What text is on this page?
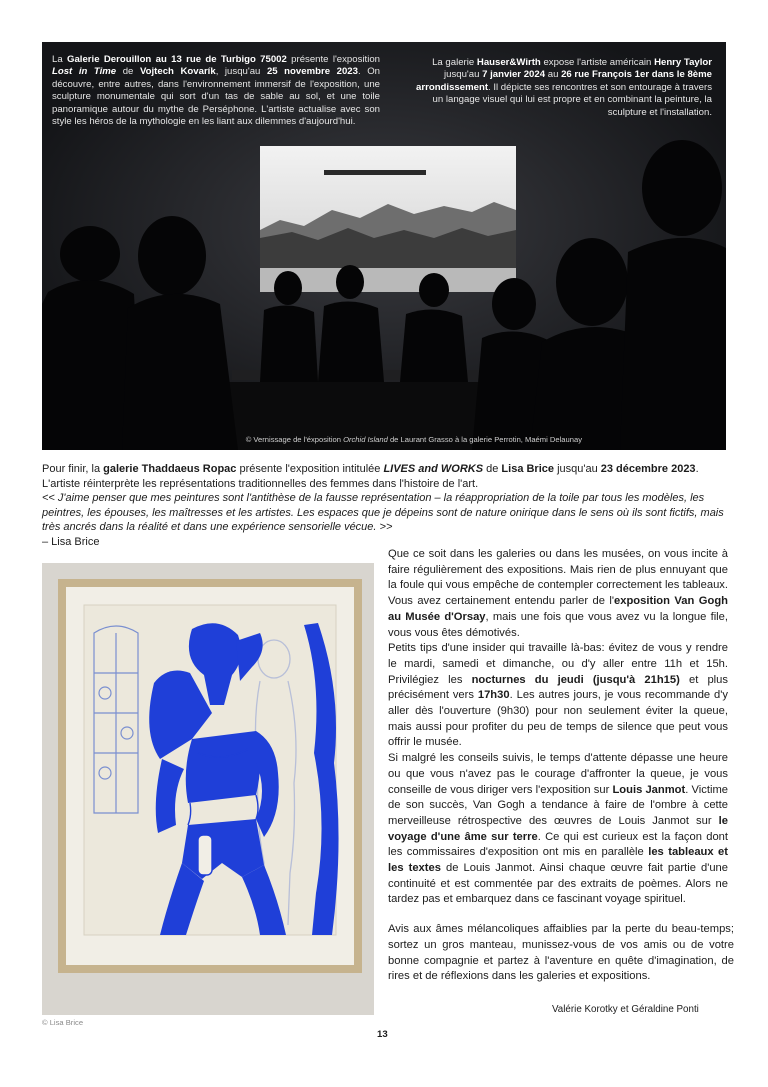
La Galerie Derouillon au 13 rue de Turbigo 75002 présente l'exposition Lost in Time de Vojtech Kovarík, jusqu'au 25 novembre 2023. On découvre, entre autres, dans l'environnement immersif de l'exposition, une sculpture monumentale qui sort d'un tas de sable au sol, et une toile panoramique autour du mythe de Perséphone. L'artiste actualise avec son style les héros de la mythologie en les liant aux dilemmes d'aujourd'hui.
La galerie Hauser&Wirth expose l'artiste américain Henry Taylor jusqu'au 7 janvier 2024 au 26 rue François 1er dans le 8ème arrondissement. Il dépicte ses rencontres et son entourage à travers un langage visuel qui lui est propre et en combinant la peinture, la sculpture et l'installation.
© Vernissage de l'éxposition Orchid Island de Laurant Grasso à la galerie Perrotin, Maémi Delaunay
Pour finir, la galerie Thaddaeus Ropac présente l'exposition intitulée LIVES and WORKS de Lisa Brice jusqu'au 23 décembre 2023.
L'artiste réinterprète les représentations traditionnelles des femmes dans l'histoire de l'art.
<< J'aime penser que mes peintures sont l'antithèse de la fausse représentation – la réappropriation de la toile par tous les modèles, les peintres, les épouses, les maîtresses et les artistes. Les espaces que je dépeins sont de nature onirique dans le sens où ils sont fictifs, mais très ancrés dans la réalité et dans une expérience sensorielle vécue. >>
– Lisa Brice
© Lisa Brice

Que ce soit dans les galeries ou dans les musées, on vous incite à faire régulièrement des expositions. Mais rien de plus ennuyant que la foule qui vous empêche de contempler correctement les tableaux. Vous avez certainement entendu parler de l'exposition Van Gogh au Musée d'Orsay, mais une fois que vous avez vu la longue file, vous vous êtes démotivés.

Petits tips d'une insider qui travaille là-bas: évitez de vous y rendre le mardi, samedi et dimanche, ou d'y aller entre 11h et 15h. Privilégiez les nocturnes du jeudi (jusqu'à 21h15) et plus précisément vers 17h30. Les autres jours, je vous recommande d'y aller dès l'ouverture (9h30) pour non seulement éviter la queue, mais aussi pour profiter du peu de temps de silence que peut vous offrir le musée.

Si malgré les conseils suivis, le temps d'attente dépasse une heure ou que vous n'avez pas le courage d'affronter la queue, je vous conseille de vous diriger vers l'exposition sur Louis Janmot. Victime de son succès, Van Gogh a tendance à faire de l'ombre à cette merveilleuse rétrospective des œuvres de Louis Janmot sur le voyage d'une âme sur terre. Ce qui est curieux est la façon dont les commissaires d'exposition ont mis en parallèle les tableaux et les textes de Louis Janmot. Ainsi chaque œuvre fait partie d'une continuité et est commentée par des extraits de poèmes. Alors ne tardez pas et embarquez dans ce fascinant voyage spirituel.

Avis aux âmes mélancoliques affaiblies par la perte du beau-temps; sortez un gros manteau, munissez-vous de vos amis ou de votre bonne compagnie et partez à l'aventure en quête d'imagination, de rires et de réflexions dans les galeries et expositions.

Valérie Korotky et Géraldine Ponti
13
